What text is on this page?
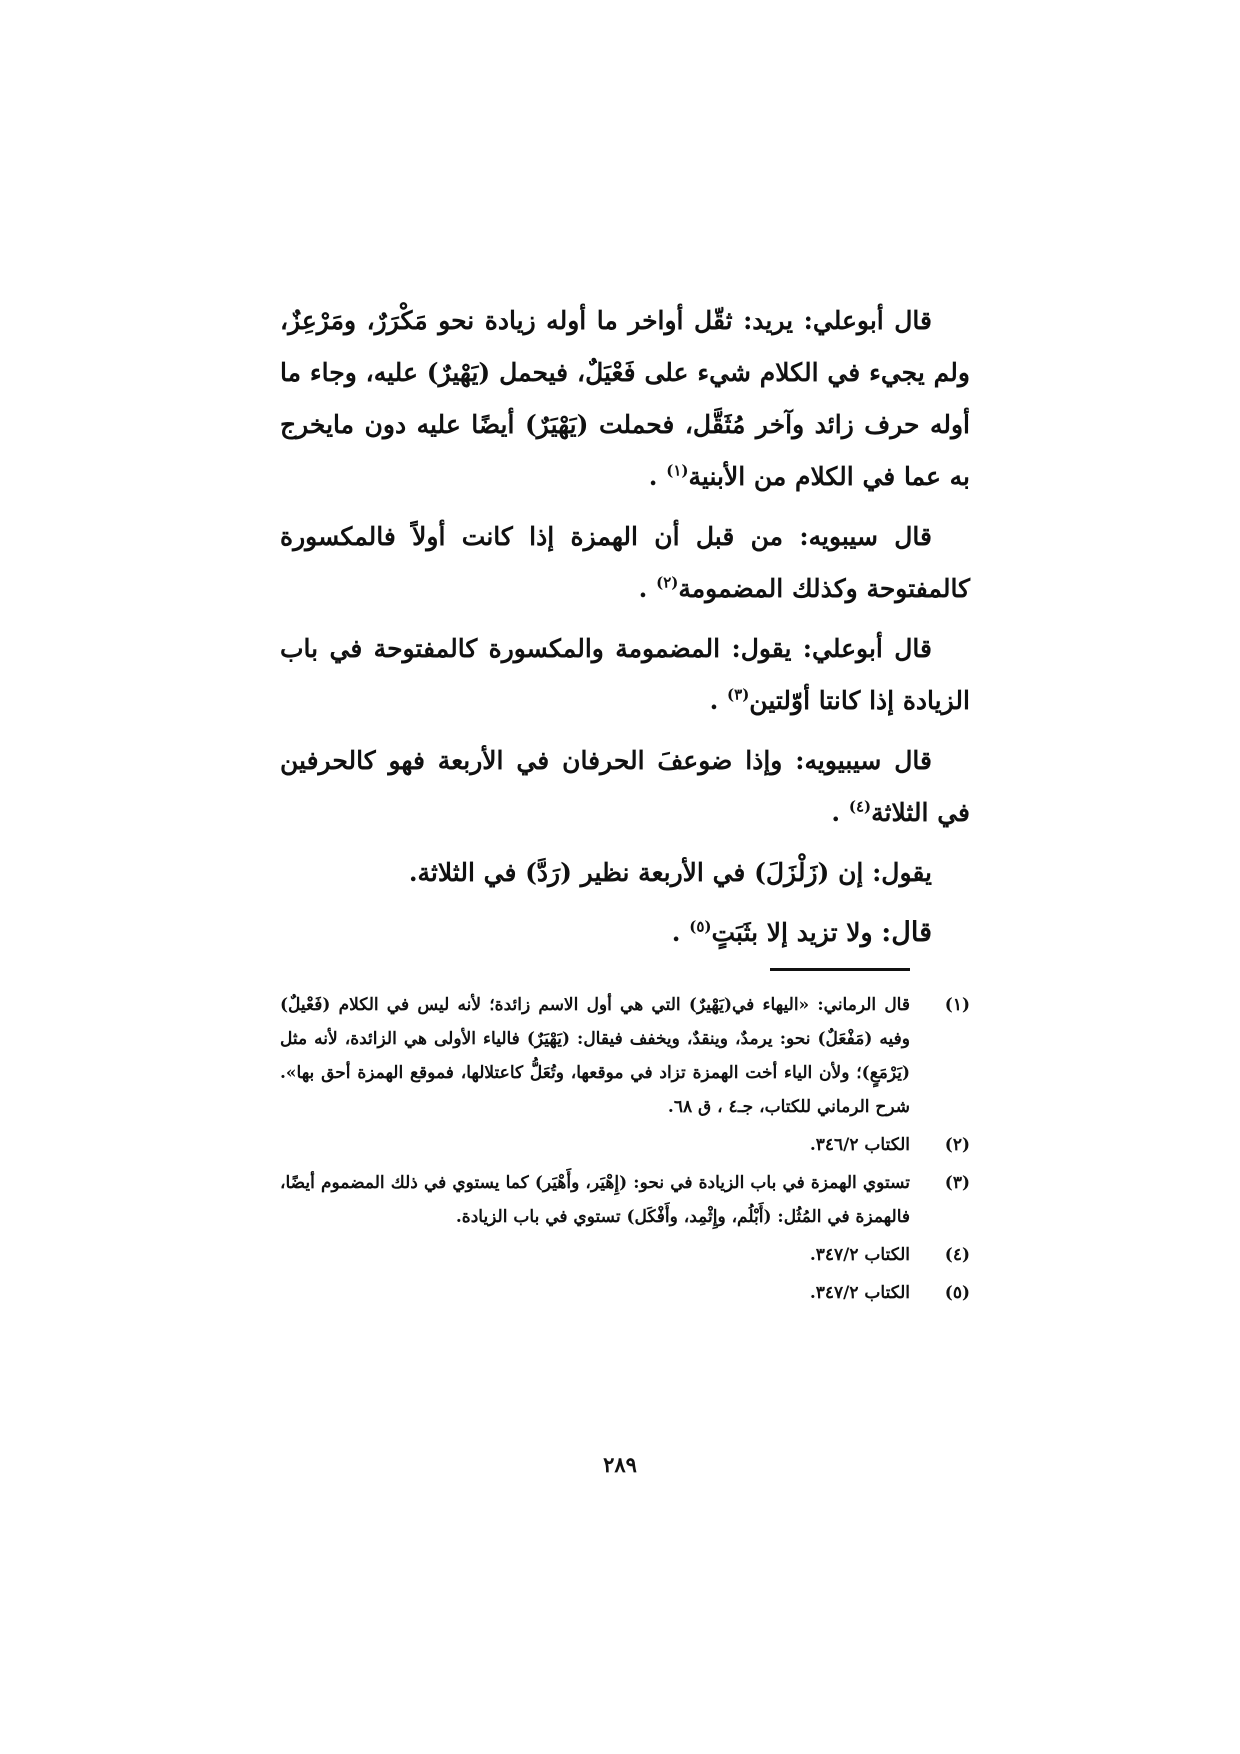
قال أبوعلي: يريد: ثقّل أواخر ما أوله زيادة نحو مَكْرَرٌ، ومَرْعِزٌ، ولم يجيء في الكلام شيء على فَعْيَلٌ، فيحمل (يَهْيرٌ) عليه، وجاء ما أوله حرف زائد وآخر مُثَقَّل، فحملت (يَهْيَرٌ) أيضًا عليه دون مايخرج به عما في الكلام من الأبنية$^{(١)}$ .

قال سيبويه: من قبل أن الهمزة إذا كانت أولاً فالمكسورة كالمفتوحة وكذلك المضمومة$^{(٢)}$ .

قال أبوعلي: يقول: المضمومة والمكسورة كالمفتوحة في باب الزيادة إذا كانتا أوّلتين$^{(٣)}$ .

قال سيبيويه: وإذا ضوعفَ الحرفان في الأربعة فهو كالحرفين في الثلاثة$^{(٤)}$ .

يقول: إن (زَلْزَلَ) في الأربعة نظير (رَدَّ) في الثلاثة.

قال: ولا تزيد إلا بثَبَتٍ$^{(٥)}$ .

(١)
قال الرماني: «اليهاء في(يَهْيرٌ) التي هي أول الاسم زائدة؛ لأنه ليس في الكلام (فَعْيلٌ) وفيه (مَفْعَلٌ) نحو: يرمدٌ، وينقدٌ، ويخفف فيقال: (يَهْيَرٌ) فالياء الأولى هي الزائدة، لأنه مثل (يَرْمَعٍ)؛ ولأن الياء أخت الهمزة تزاد في موقعها، وتُعَلُّ كاعتلالها، فموقع الهمزة أحق بها». شرح الرماني للكتاب، جـ٤ ، ق ٦٨.
(٢)
الكتاب ٣٤٦/٢.
(٣)
تستوي الهمزة في باب الزيادة في نحو: (إِهْيَر، وأَهْيَر) كما يستوي في ذلك المضموم أيضًا، فالهمزة في المُثُل: (أَبْلُم، وإِثْمِد، وأَفْكَل) تستوي في باب الزيادة.
(٤)
الكتاب ٣٤٧/٢.
(٥)
الكتاب ٣٤٧/٢.
٢٨٩
